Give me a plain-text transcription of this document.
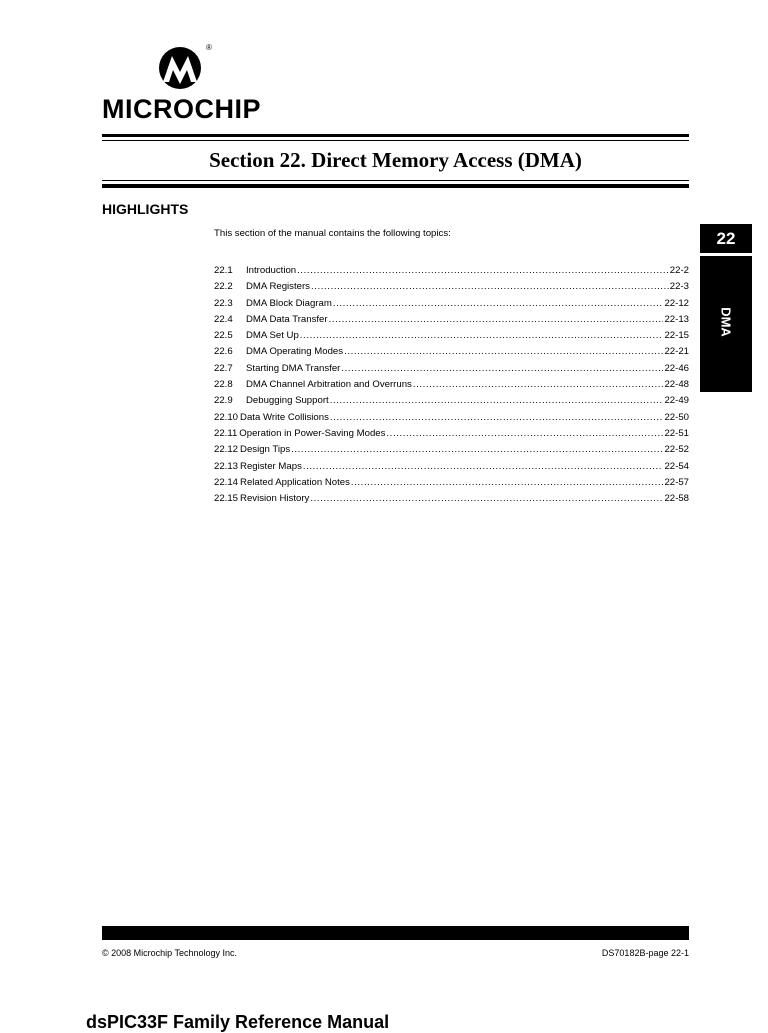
®
MICROCHIP
Section 22. Direct Memory Access (DMA)
HIGHLIGHTS
This section of the manual contains the following topics:
22.1	Introduction .....	22-2
22.2	DMA Registers .....	22-3
22.3	DMA Block Diagram .....	22-12
22.4	DMA Data Transfer .....	22-13
22.5	DMA Set Up .....	22-15
22.6	DMA Operating Modes .....	22-21
22.7	Starting DMA Transfer .....	22-46
22.8	DMA Channel Arbitration and Overruns .....	22-48
22.9	Debugging Support .....	22-49
22.10 Data Write Collisions .....	22-50
22.11 Operation in Power-Saving Modes .....	22-51
22.12 Design Tips .....	22-52
22.13 Register Maps .....	22-54
22.14 Related Application Notes .....	22-57
22.15 Revision History .....	22-58
22
DMA
© 2008 Microchip Technology Inc.	DS70182B-page 22-1
dsPIC33F Family Reference Manual
